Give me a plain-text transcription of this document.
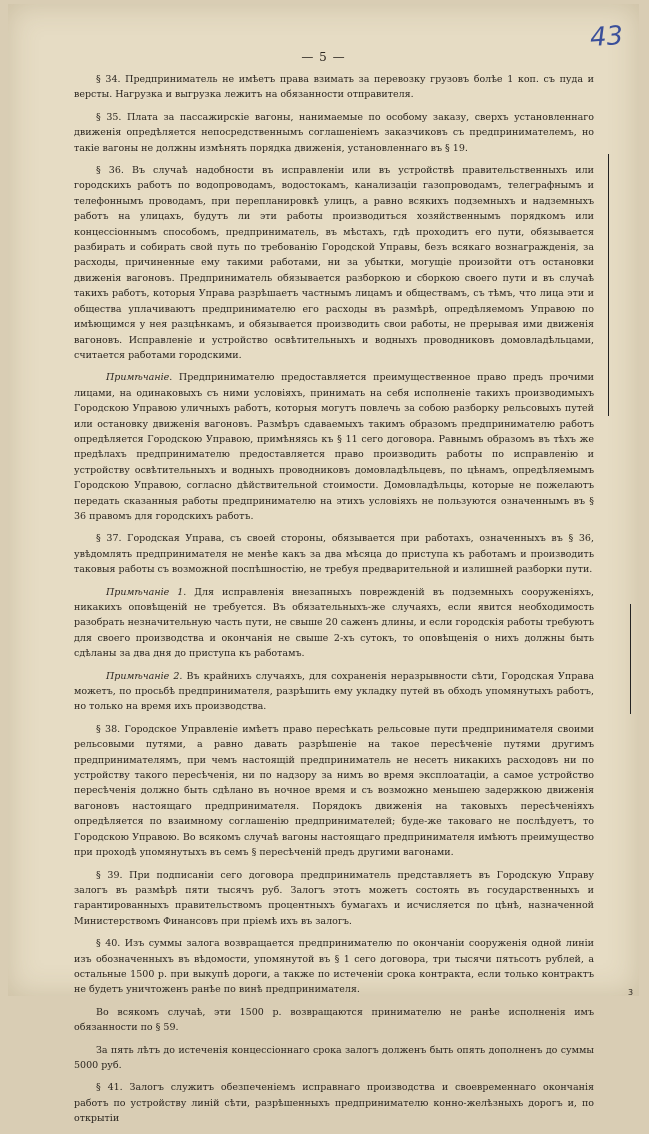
43
— 5 —

§ 34. Предприниматель не имѣетъ права взимать за перевозку грузовъ болѣе 1 коп. съ пуда и версты. Нагрузка и выгрузка лежитъ на обязанности отправителя.

§ 35. Плата за пассажирскіе вагоны, нанимаемые по особому заказу, сверхъ установленнаго движенія опредѣляется непосредственнымъ соглашеніемъ заказчиковъ съ предпринимателемъ, но такіе вагоны не должны измѣнять порядка движенія, установленнаго въ § 19.

§ 36. Въ случаѣ надобности въ исправленіи или въ устройствѣ правительственныхъ или городскихъ работъ по водопроводамъ, водостокамъ, канализаціи газопроводамъ, телеграфнымъ и телефоннымъ проводамъ, при перепланировкѣ улицъ, а равно всякихъ подземныхъ и надземныхъ работъ на улицахъ, будутъ ли эти работы производиться хозяйственнымъ порядкомъ или концессіоннымъ способомъ, предприниматель, въ мѣстахъ, гдѣ проходитъ его пути, обязывается разбирать и собирать свой путь по требованію Городской Управы, безъ всякаго вознагражденія, за расходы, причиненные ему такими работами, ни за убытки, могущіе произойти отъ остановки движенія вагоновъ. Предприниматель обязывается разборкою и сборкою своего пути и въ случаѣ такихъ работъ, которыя Управа разрѣшаетъ частнымъ лицамъ и обществамъ, съ тѣмъ, что лица эти и общества уплачиваютъ предпринимателю его расходы въ размѣрѣ, опредѣляемомъ Управою по имѣющимся у нея разцѣнкамъ, и обязывается производить свои работы, не прерывая ими движенія вагоновъ. Исправленіе и устройство освѣтительныхъ и водныхъ проводниковъ домовладѣльцами, считается работами городскими.

Примѣчаніе. Предпринимателю предоставляется преимущественное право предъ прочими лицами, на одинаковыхъ съ ними условіяхъ, принимать на себя исполненіе такихъ производимыхъ Городскою Управою уличныхъ работъ, которыя могутъ повлечь за собою разборку рельсовыхъ путей или остановку движенія вагоновъ. Размѣръ сдаваемыхъ такимъ образомъ предпринимателю работъ опредѣляется Городскою Управою, примѣняясь къ § 11 сего договора. Равнымъ образомъ въ тѣхъ же предѣлахъ предпринимателю предоставляется право производить работы по исправленію и устройству освѣтительныхъ и водныхъ проводниковъ домовладѣльцевъ, по цѣнамъ, опредѣляемымъ Городскою Управою, согласно дѣйствительной стоимости. Домовладѣльцы, которые не пожелаютъ передать сказанныя работы предпринимателю на этихъ условіяхъ не пользуются означеннымъ въ § 36 правомъ для городскихъ работъ.

§ 37. Городская Управа, съ своей стороны, обязывается при работахъ, означенныхъ въ § 36, увѣдомлять предпринимателя не менѣе какъ за два мѣсяца до приступа къ работамъ и производить таковыя работы съ возможной поспѣшностію, не требуя предварительной и излишней разборки пути.

Примѣчаніе 1. Для исправленія внезапныхъ поврежденій въ подземныхъ сооруженіяхъ, никакихъ оповѣщеній не требуется. Въ обязательныхъ-же случаяхъ, если явится необходимость разобрать незначительную часть пути, не свыше 20 саженъ длины, и если городскія работы требуютъ для своего производства и окончанія не свыше 2-хъ сутокъ, то оповѣщенія о нихъ должны быть сдѣланы за два дня до приступа къ работамъ.

Примѣчаніе 2. Въ крайнихъ случаяхъ, для сохраненія неразрывности сѣти, Городская Управа можетъ, по просьбѣ предпринимателя, разрѣшить ему укладку путей въ обходъ упомянутыхъ работъ, но только на время ихъ производства.

§ 38. Городское Управленіе имѣетъ право пересѣкать рельсовые пути предпринимателя своими рельсовыми путями, а равно давать разрѣшеніе на такое пересѣченіе путями другимъ предпринимателямъ, при чемъ настоящій предприниматель не несетъ никакихъ расходовъ ни по устройству такого пересѣченія, ни по надзору за нимъ во время эксплоатаціи, а самое устройство пересѣченія должно быть сдѣлано въ ночное время и съ возможно меньшею задержкою движенія вагоновъ настоящаго предпринимателя. Порядокъ движенія на таковыхъ пересѣченіяхъ опредѣляется по взаимному соглашенію предпринимателей; буде-же таковаго не послѣдуетъ, то Городскою Управою. Во всякомъ случаѣ вагоны настоящаго предпринимателя имѣютъ преимущество при проходѣ упомянутыхъ въ семъ § пересѣченій предъ другими вагонами.

§ 39. При подписаніи сего договора предприниматель представляетъ въ Городскую Управу залогъ въ размѣрѣ пяти тысячъ руб. Залогъ этотъ можетъ состоять въ государственныхъ и гарантированныхъ правительствомъ процентныхъ бумагахъ и исчисляется по цѣнѣ, назначенной Министерствомъ Финансовъ при пріемѣ ихъ въ залогъ.

§ 40. Изъ суммы залога возвращается предпринимателю по окончаніи сооруженія одной линіи изъ обозначенныхъ въ вѣдомости, упомянутой въ § 1 сего договора, три тысячи пятьсотъ рублей, а остальные 1500 р. при выкупѣ дороги, а также по истеченіи срока контракта, если только контрактъ не будетъ уничтоженъ ранѣе по винѣ предпринимателя.

Во всякомъ случаѣ, эти 1500 р. возвращаются принимателю не ранѣе исполненія имъ обязанности по § 59.

За пять лѣтъ до истеченія концессіоннаго срока залогъ долженъ быть опять дополненъ до суммы 5000 руб.

§ 41. Залогъ служитъ обезпеченіемъ исправнаго производства и своевременнаго окончанія работъ по устройству линій сѣти, разрѣшенныхъ предпринимателю конно-желѣзныхъ дорогъ и, по открытіи

3
